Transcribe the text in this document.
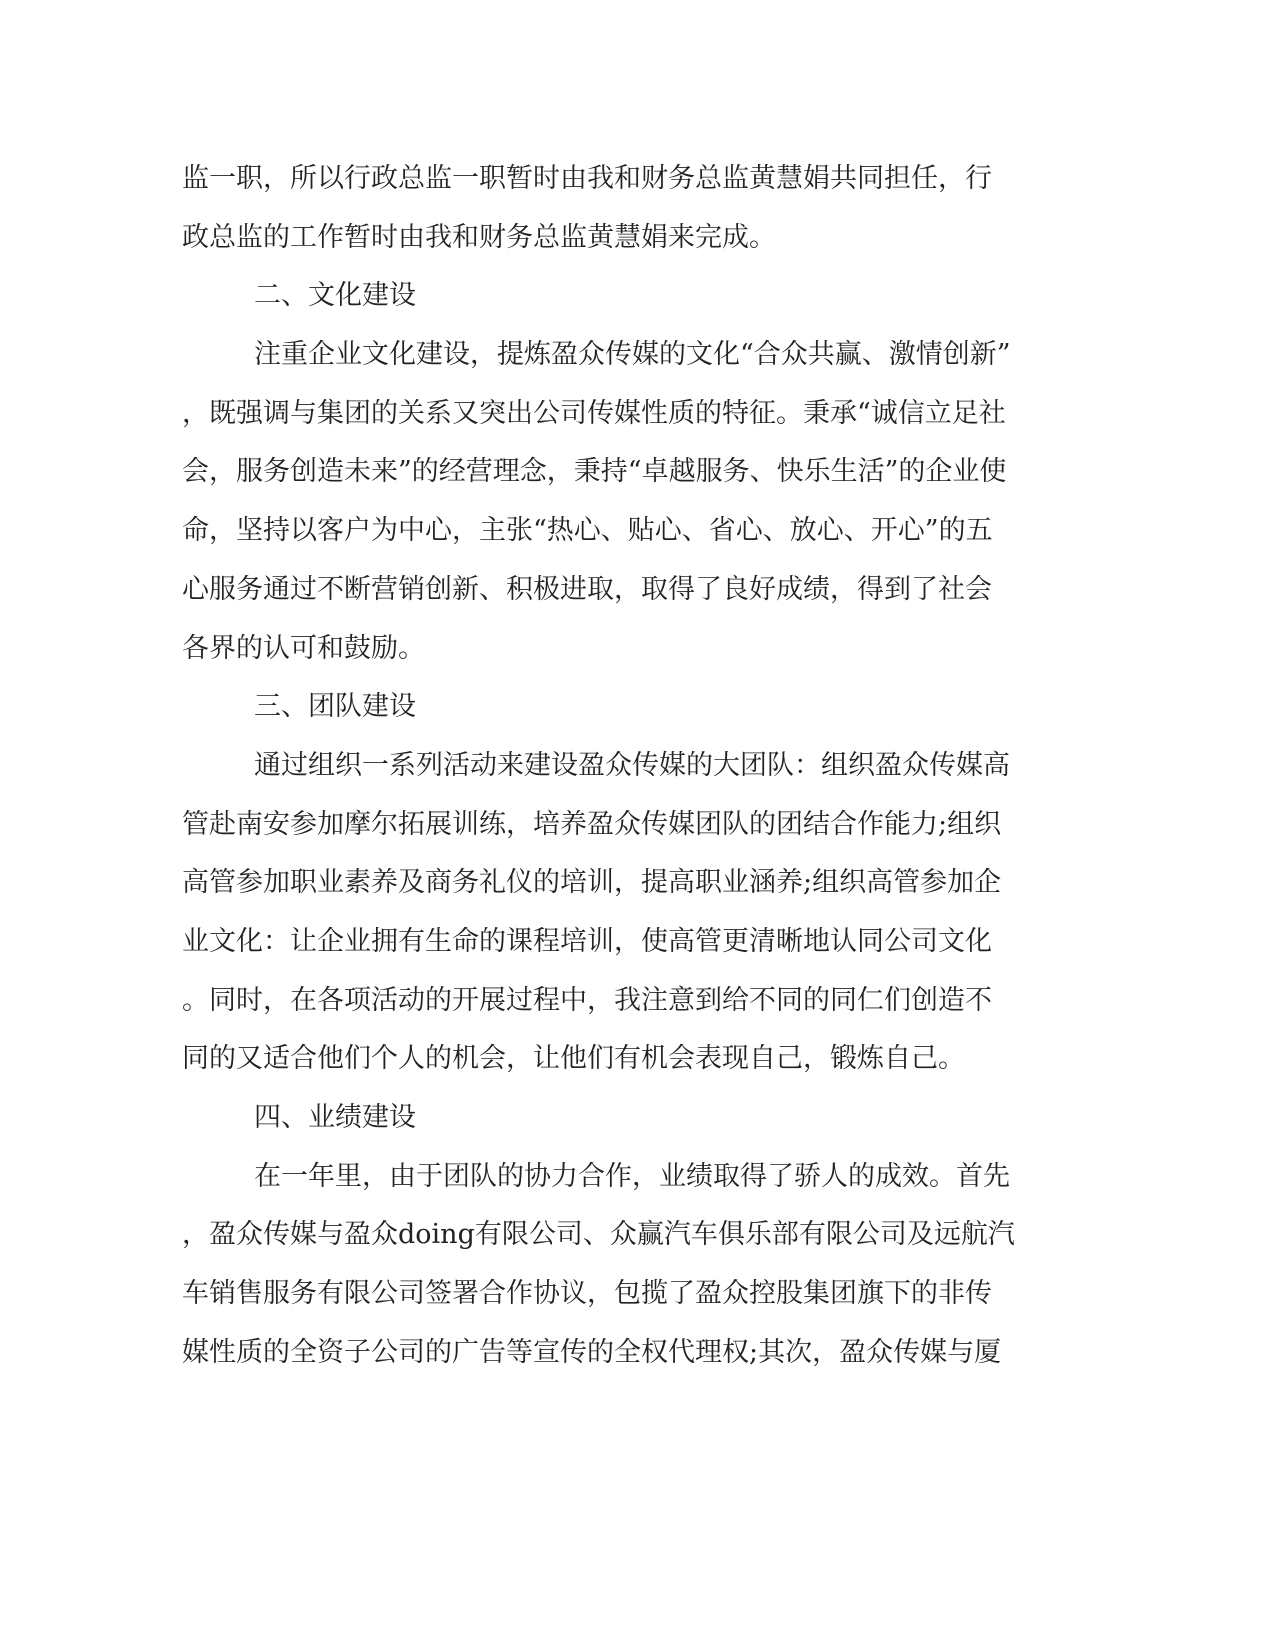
监一职，所以行政总监一职暂时由我和财务总监黄慧娟共同担任，行
政总监的工作暂时由我和财务总监黄慧娟来完成。
二、文化建设
注重企业文化建设，提炼盈众传媒的文化“合众共赢、激情创新”
，既强调与集团的关系又突出公司传媒性质的特征。秉承“诚信立足社
会，服务创造未来”的经营理念，秉持“卓越服务、快乐生活”的企业使
命，坚持以客户为中心，主张“热心、贴心、省心、放心、开心”的五
心服务通过不断营销创新、积极进取，取得了良好成绩，得到了社会
各界的认可和鼓励。
三、团队建设
通过组织一系列活动来建设盈众传媒的大团队：组织盈众传媒高
管赴南安参加摩尔拓展训练，培养盈众传媒团队的团结合作能力;组织
高管参加职业素养及商务礼仪的培训，提高职业涵养;组织高管参加企
业文化：让企业拥有生命的课程培训，使高管更清晰地认同公司文化
。同时，在各项活动的开展过程中，我注意到给不同的同仁们创造不
同的又适合他们个人的机会，让他们有机会表现自己，锻炼自己。
四、业绩建设
在一年里，由于团队的协力合作，业绩取得了骄人的成效。首先
，盈众传媒与盈众doing有限公司、众赢汽车俱乐部有限公司及远航汽
车销售服务有限公司签署合作协议，包揽了盈众控股集团旗下的非传
媒性质的全资子公司的广告等宣传的全权代理权;其次，盈众传媒与厦
